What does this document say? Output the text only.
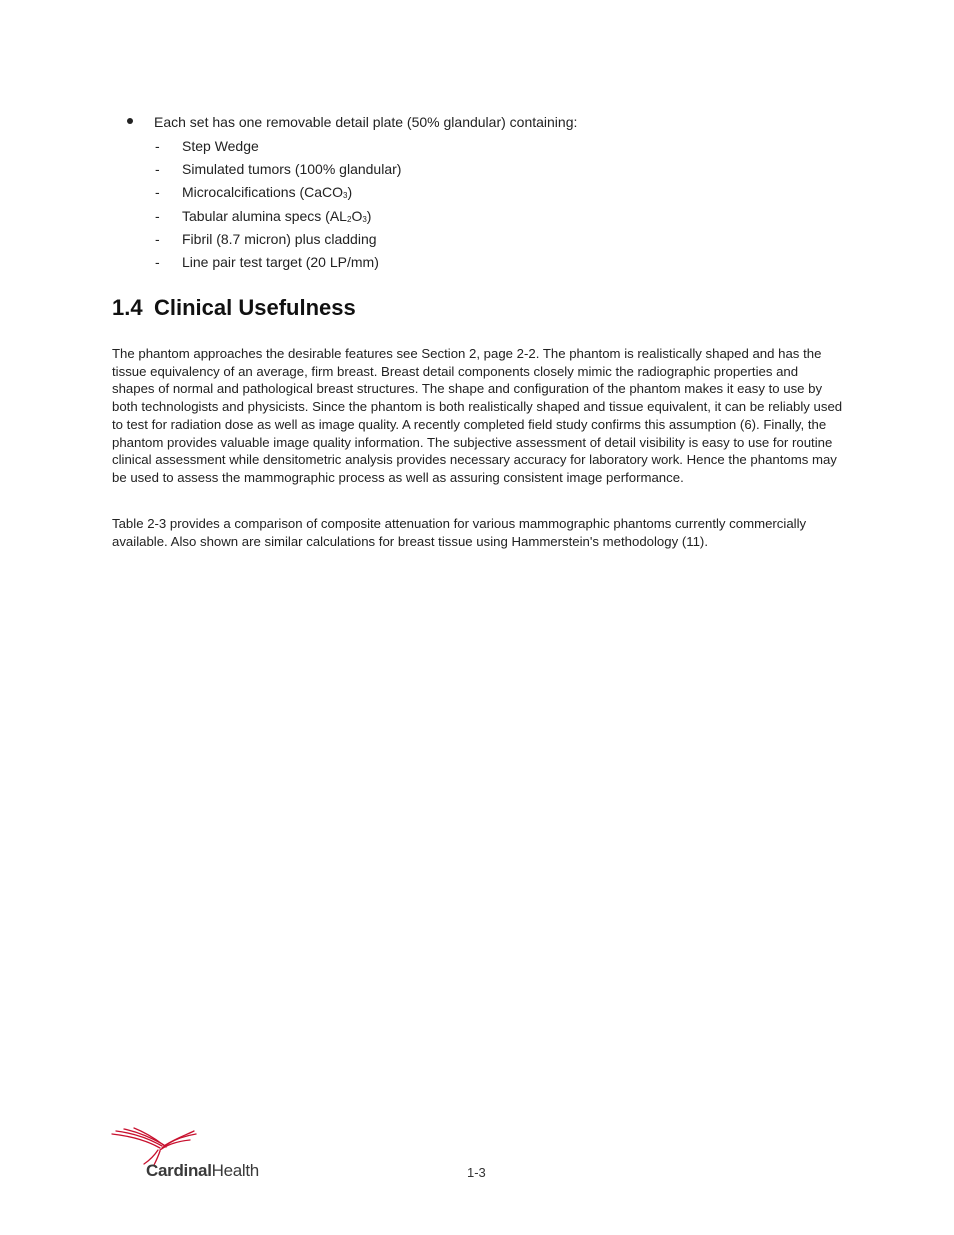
Each set has one removable detail plate (50% glandular) containing:
- Step Wedge
- Simulated tumors (100% glandular)
- Microcalcifications (CaCO$_3$)
- Tabular alumina specs $(AL_2O_3)$
- Fibril (8.7 micron) plus cladding
- Line pair test target (20 LP/mm)
1.4 Clinical Usefulness

The phantom approaches the desirable features see Section 2, page 2-2. The phantom is realistically shaped and has the tissue equivalency of an average, firm breast. Breast detail components closely mimic the radiographic properties and shapes of normal and pathological breast structures. The shape and configuration of the phantom makes it easy to use by both technologists and physicists. Since the phantom is both realistically shaped and tissue equivalent, it can be reliably used to test for radiation dose as well as image quality. A recently completed field study confirms this assumption (6). Finally, the phantom provides valuable image quality information. The subjective assessment of detail visibility is easy to use for routine clinical assessment while densitometric analysis provides necessary accuracy for laboratory work. Hence the phantoms may be used to assess the mammographic process as well as assuring consistent image performance.

Table 2-3 provides a comparison of composite attenuation for various mammographic phantoms currently commercially available. Also shown are similar calculations for breast tissue using Hammerstein's methodology (11).

CardinalHealth	1-3
